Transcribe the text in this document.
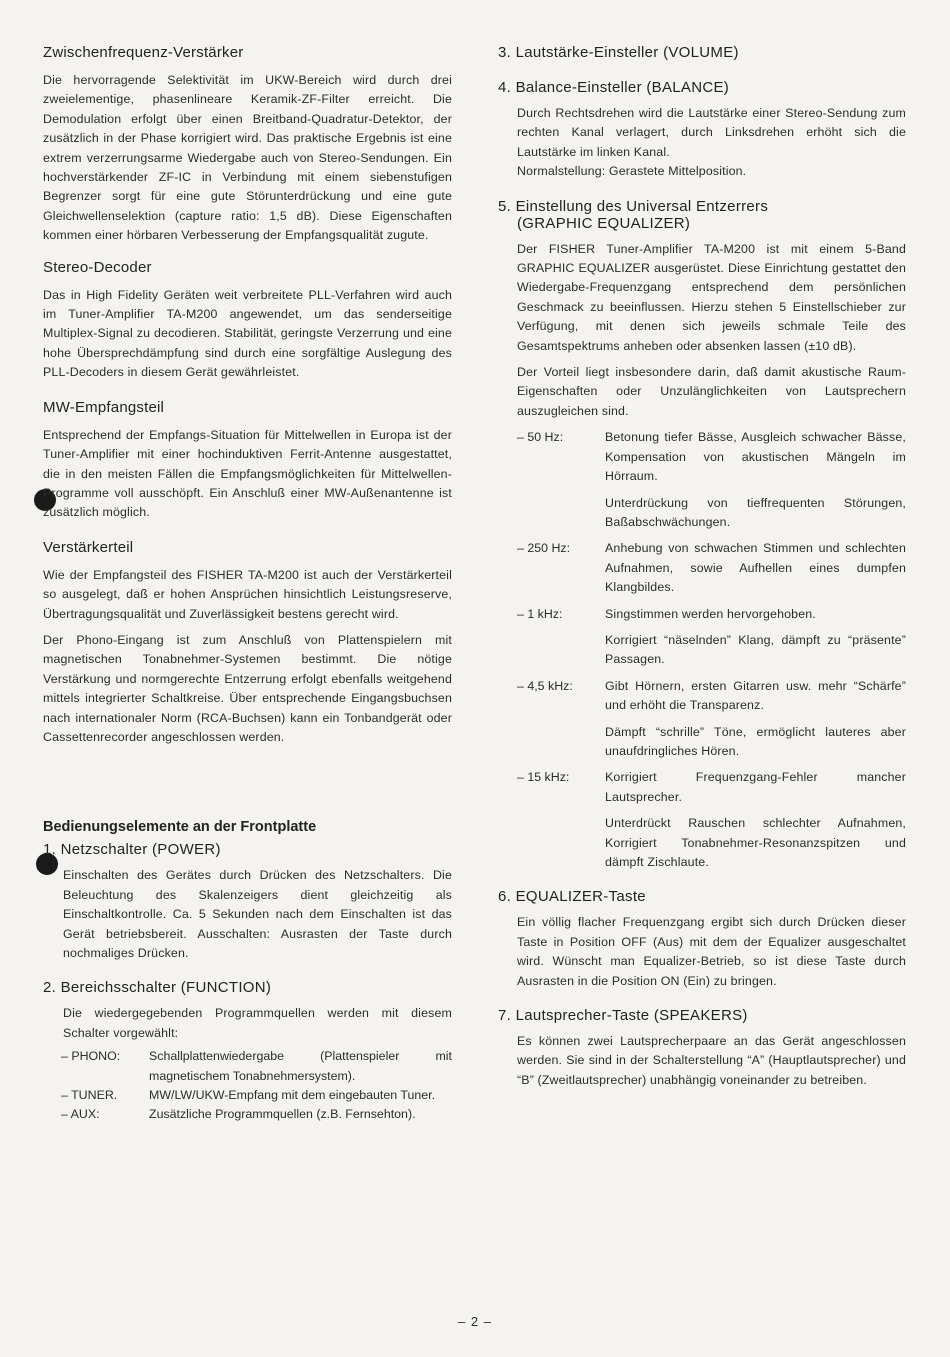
Zwischenfrequenz-Verstärker

Die hervorragende Selektivität im UKW-Bereich wird durch drei zweielementige, phasenlineare Keramik-ZF-Filter erreicht. Die Demodulation erfolgt über einen Breitband-Quadratur-Detektor, der zusätzlich in der Phase korrigiert wird. Das praktische Ergebnis ist eine extrem verzerrungsarme Wiedergabe auch von Stereo-Sendungen. Ein hochverstärkender ZF-IC in Verbindung mit einem siebenstufigen Begrenzer sorgt für eine gute Störunterdrückung und eine gute Gleichwellenselektion (capture ratio: 1,5 dB). Diese Eigenschaften kommen einer hörbaren Verbesserung der Empfangsqualität zugute.

Stereo-Decoder

Das in High Fidelity Geräten weit verbreitete PLL-Verfahren wird auch im Tuner-Amplifier TA-M200 angewendet, um das senderseitige Multiplex-Signal zu decodieren. Stabilität, geringste Verzerrung und eine hohe Übersprechdämpfung sind durch eine sorgfältige Auslegung des PLL-Decoders in diesem Gerät gewährleistet.

MW-Empfangsteil

Entsprechend der Empfangs-Situation für Mittelwellen in Europa ist der Tuner-Amplifier mit einer hochinduktiven Ferrit-Antenne ausgestattet, die in den meisten Fällen die Empfangsmöglichkeiten für Mittelwellen-Programme voll ausschöpft. Ein Anschluß einer MW-Außenantenne ist zusätzlich möglich.

Verstärkerteil

Wie der Empfangsteil des FISHER TA-M200 ist auch der Verstärkerteil so ausgelegt, daß er hohen Ansprüchen hinsichtlich Leistungsreserve, Übertragungsqualität und Zuverlässigkeit bestens gerecht wird.

Der Phono-Eingang ist zum Anschluß von Plattenspielern mit magnetischen Tonabnehmer-Systemen bestimmt. Die nötige Verstärkung und normgerechte Entzerrung erfolgt ebenfalls weitgehend mittels integrierter Schaltkreise. Über entsprechende Eingangsbuchsen nach internationaler Norm (RCA-Buchsen) kann ein Tonbandgerät oder Cassettenrecorder angeschlossen werden.

Bedienungselemente an der Frontplatte
1. Netzschalter (POWER)

Einschalten des Gerätes durch Drücken des Netzschalters. Die Beleuchtung des Skalenzeigers dient gleichzeitig als Einschaltkontrolle. Ca. 5 Sekunden nach dem Einschalten ist das Gerät betriebsbereit. Ausschalten: Ausrasten der Taste durch nochmaliges Drücken.

2. Bereichsschalter (FUNCTION)

Die wiedergegebenden Programmquellen werden mit diesem Schalter vorgewählt:

– PHONO:	Schallplattenwiedergabe (Plattenspieler mit magnetischem Tonabnehmersystem).
– TUNER.	MW/LW/UKW-Empfang mit dem eingebauten Tuner.
– AUX:	Zusätzliche Programmquellen (z.B. Fernsehton).
3. Lautstärke-Einsteller (VOLUME)
4. Balance-Einsteller (BALANCE)

Durch Rechtsdrehen wird die Lautstärke einer Stereo-Sendung zum rechten Kanal verlagert, durch Linksdrehen erhöht sich die Lautstärke im linken Kanal.

Normalstellung: Gerastete Mittelposition.

5. Einstellung des Universal Entzerrers
(GRAPHIC EQUALIZER)

Der FISHER Tuner-Amplifier TA-M200 ist mit einem 5-Band GRAPHIC EQUALIZER ausgerüstet. Diese Einrichtung gestattet den Wiedergabe-Frequenzgang entsprechend dem persönlichen Geschmack zu beeinflussen. Hierzu stehen 5 Einstellschieber zur Verfügung, mit denen sich jeweils schmale Teile des Gesamtspektrums anheben oder absenken lassen (±10 dB).

Der Vorteil liegt insbesondere darin, daß damit akustische Raum-Eigenschaften oder Unzulänglichkeiten von Lautsprechern auszugleichen sind.

– 50 Hz:	Betonung tiefer Bässe, Ausgleich schwacher Bässe, Kompensation von akustischen Mängeln im Hörraum.

Unterdrückung von tieffrequenten Störungen, Baßabschwächungen.

– 250 Hz:	Anhebung von schwachen Stimmen und schlechten Aufnahmen, sowie Aufhellen eines dumpfen Klangbildes.

– 1 kHz:	Singstimmen werden hervorgehoben.

Korrigiert “näselnden” Klang, dämpft zu “präsente” Passagen.

– 4,5 kHz:	Gibt Hörnern, ersten Gitarren usw. mehr “Schärfe” und erhöht die Transparenz.

Dämpft “schrille” Töne, ermöglicht lauteres aber unaufdringliches Hören.

– 15 kHz:	Korrigiert Frequenzgang-Fehler mancher Lautsprecher.

Unterdrückt Rauschen schlechter Aufnahmen, Korrigiert Tonabnehmer-Resonanzspitzen und dämpft Zischlaute.

6. EQUALIZER-Taste

Ein völlig flacher Frequenzgang ergibt sich durch Drücken dieser Taste in Position OFF (Aus) mit dem der Equalizer ausgeschaltet wird. Wünscht man Equalizer-Betrieb, so ist diese Taste durch Ausrasten in die Position ON (Ein) zu bringen.

7. Lautsprecher-Taste (SPEAKERS)

Es können zwei Lautsprecherpaare an das Gerät angeschlossen werden. Sie sind in der Schalterstellung “A” (Hauptlautsprecher) und “B” (Zweitlautsprecher) unabhängig voneinander zu betreiben.

– 2 –
